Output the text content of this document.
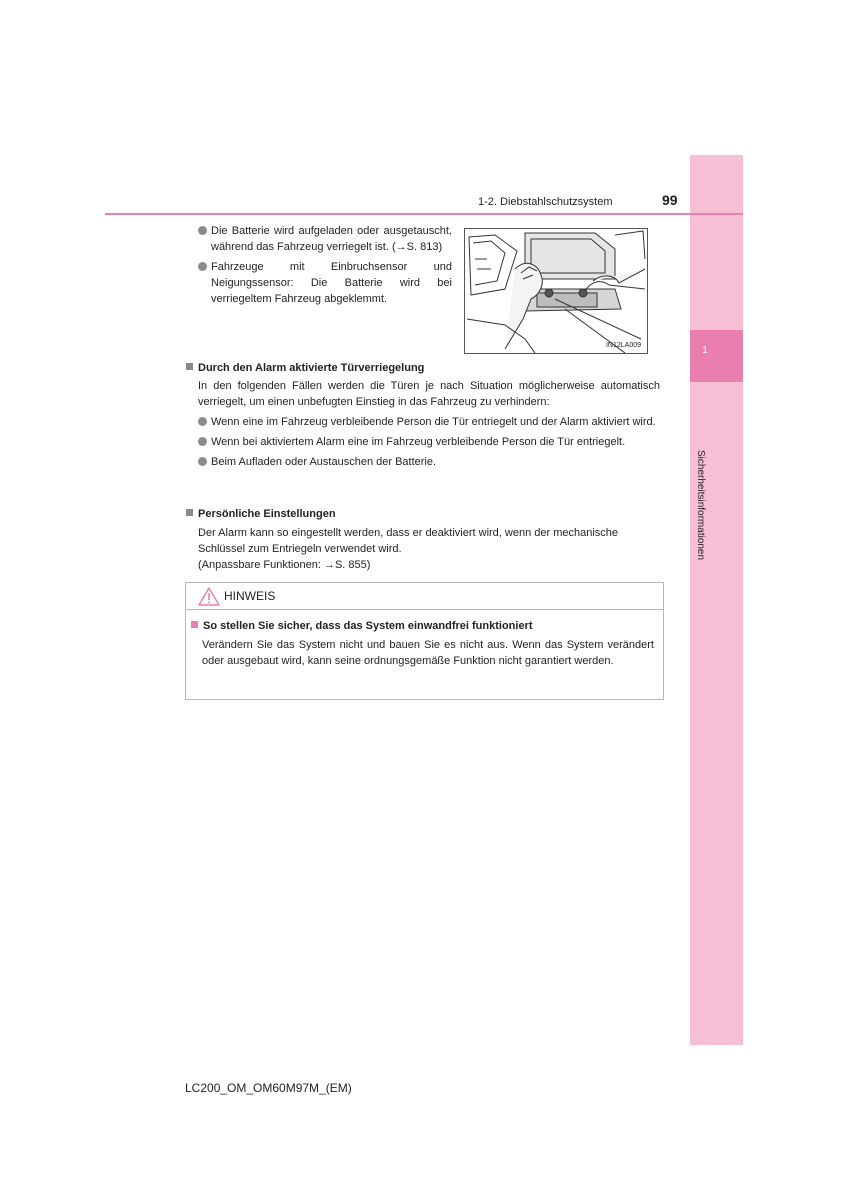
1
Sicherheitsinformationen
1-2. Diebstahlschutzsystem	99
Die Batterie wird aufgeladen oder ausgetauscht, während das Fahrzeug verriegelt ist. (→S. 813)
Fahrzeuge mit Einbruchsensor und Neigungssensor: Die Batterie wird bei verriegeltem Fahrzeug abgeklemmt.
IN12LA009
Durch den Alarm aktivierte Türverriegelung
In den folgenden Fällen werden die Türen je nach Situation möglicherweise automatisch verriegelt, um einen unbefugten Einstieg in das Fahrzeug zu verhindern:
Wenn eine im Fahrzeug verbleibende Person die Tür entriegelt und der Alarm aktiviert wird.
Wenn bei aktiviertem Alarm eine im Fahrzeug verbleibende Person die Tür entriegelt.
Beim Aufladen oder Austauschen der Batterie.
Persönliche Einstellungen
Der Alarm kann so eingestellt werden, dass er deaktiviert wird, wenn der mechanische Schlüssel zum Entriegeln verwendet wird.
(Anpassbare Funktionen: →S. 855)
HINWEIS
So stellen Sie sicher, dass das System einwandfrei funktioniert
Verändern Sie das System nicht und bauen Sie es nicht aus. Wenn das System verändert oder ausgebaut wird, kann seine ordnungsgemäße Funktion nicht garantiert werden.
LC200_OM_OM60M97M_(EM)
